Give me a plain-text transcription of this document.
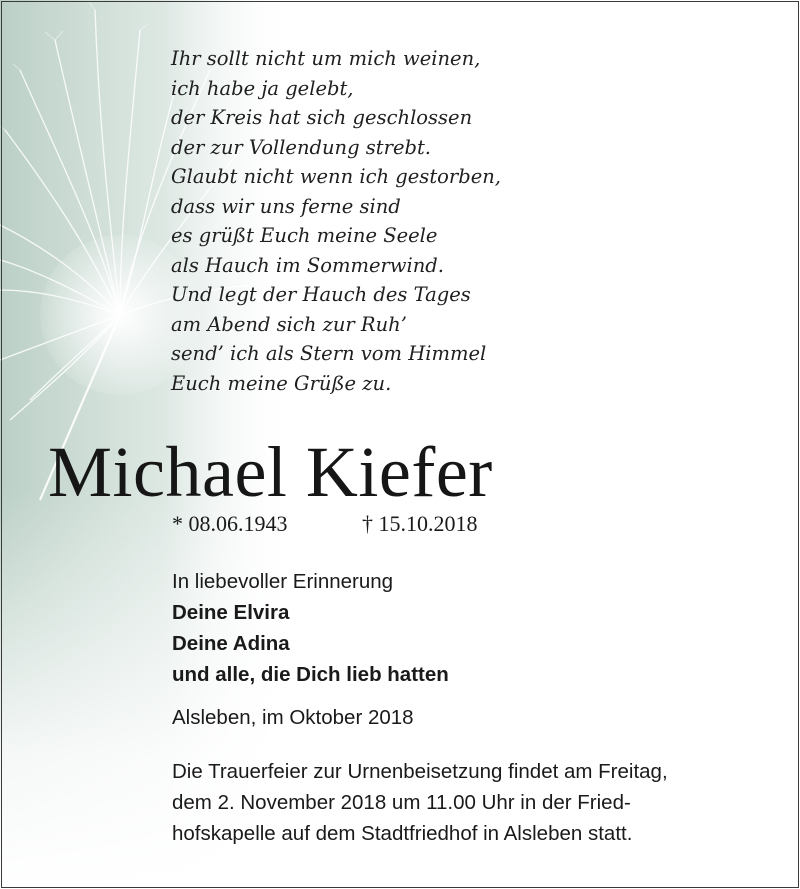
Ihr sollt nicht um mich weinen,
ich habe ja gelebt,
der Kreis hat sich geschlossen
der zur Vollendung strebt.
Glaubt nicht wenn ich gestorben,
dass wir uns ferne sind
es grüßt Euch meine Seele
als Hauch im Sommerwind.
Und legt der Hauch des Tages
am Abend sich zur Ruh’
send’ ich als Stern vom Himmel
Euch meine Grüße zu.
Michael Kiefer
* 08.06.1943	† 15.10.2018
In liebevoller Erinnerung
Deine Elvira
Deine Adina
und alle, die Dich lieb hatten
Alsleben, im Oktober 2018
Die Trauerfeier zur Urnenbeisetzung findet am Freitag,
dem 2. November 2018 um 11.00 Uhr in der Fried-
hofskapelle auf dem Stadtfriedhof in Alsleben statt.
